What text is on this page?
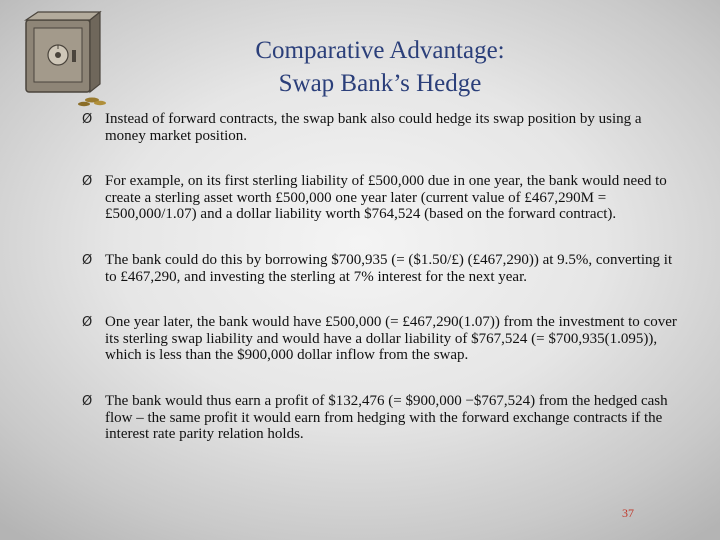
Comparative Advantage:
Swap Bank’s Hedge
Ø Instead of forward contracts, the swap bank also could hedge its swap position by using a money market position.
Ø For example, on its first sterling liability of £500,000 due in one year, the bank would need to create a sterling asset worth £500,000 one year later (current value of £467,290M = £500,000/1.07) and a dollar liability worth $764,524 (based on the forward contract).
Ø The bank could do this by borrowing $700,935 (= ($1.50/£) (£467,290)) at 9.5%, converting it to £467,290, and investing the sterling at 7% interest for the next year.
Ø One year later, the bank would have £500,000 (= £467,290(1.07)) from the investment to cover its sterling swap liability and would have a dollar liability of $767,524 (= $700,935(1.095)), which is less than the $900,000 dollar inflow from the swap.
Ø The bank would thus earn a profit of $132,476 (= $900,000 −$767,524) from the hedged cash flow – the same profit it would earn from hedging with the forward exchange contracts if the interest rate parity relation holds.
37
